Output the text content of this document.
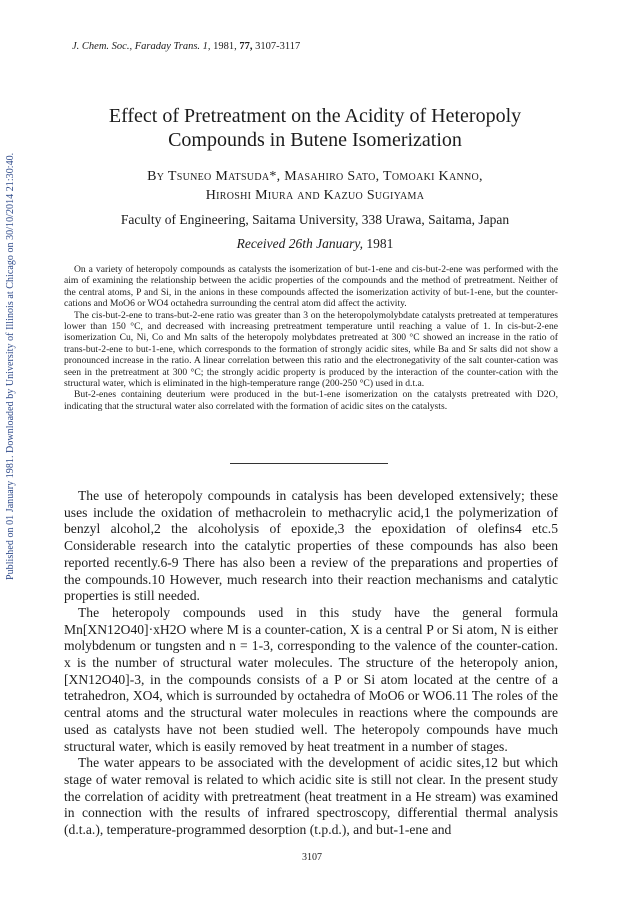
Published on 01 January 1981. Downloaded by University of Illinois at Chicago on 30/10/2014 21:30:40.
J. Chem. Soc., Faraday Trans. 1, 1981, 77, 3107-3117
Effect of Pretreatment on the Acidity of Heteropoly
Compounds in Butene Isomerization
By Tsuneo Matsuda*, Masahiro Sato, Tomoaki Kanno,
Hiroshi Miura and Kazuo Sugiyama
Faculty of Engineering, Saitama University, 338 Urawa, Saitama, Japan
Received 26th January, 1981

On a variety of heteropoly compounds as catalysts the isomerization of but-1-ene and cis-but-2-ene was performed with the aim of examining the relationship between the acidic properties of the compounds and the method of pretreatment. Neither of the central atoms, P and Si, in the anions in these compounds affected the isomerization activity of but-1-ene, but the counter-cations and MoO6 or WO4 octahedra surrounding the central atom did affect the activity.

The cis-but-2-ene to trans-but-2-ene ratio was greater than 3 on the heteropolymolybdate catalysts pretreated at temperatures lower than 150 °C, and decreased with increasing pretreatment temperature until reaching a value of 1. In cis-but-2-ene isomerization Cu, Ni, Co and Mn salts of the heteropoly molybdates pretreated at 300 °C showed an increase in the ratio of trans-but-2-ene to but-1-ene, which corresponds to the formation of strongly acidic sites, while Ba and Sr salts did not show a pronounced increase in the ratio. A linear correlation between this ratio and the electronegativity of the salt counter-cation was seen in the pretreatment at 300 °C; the strongly acidic property is produced by the interaction of the counter-cation with the structural water, which is eliminated in the high-temperature range (200-250 °C) used in d.t.a.

But-2-enes containing deuterium were produced in the but-1-ene isomerization on the catalysts pretreated with D2O, indicating that the structural water also correlated with the formation of acidic sites on the catalysts.

The use of heteropoly compounds in catalysis has been developed extensively; these uses include the oxidation of methacrolein to methacrylic acid,1 the polymerization of benzyl alcohol,2 the alcoholysis of epoxide,3 the epoxidation of olefins4 etc.5 Considerable research into the catalytic properties of these compounds has also been reported recently.6-9 There has also been a review of the preparations and properties of the compounds.10 However, much research into their reaction mechanisms and catalytic properties is still needed.

The heteropoly compounds used in this study have the general formula Mn[XN12O40]·xH2O where M is a counter-cation, X is a central P or Si atom, N is either molybdenum or tungsten and n = 1-3, corresponding to the valence of the counter-cation. x is the number of structural water molecules. The structure of the heteropoly anion, [XN12O40]-3, in the compounds consists of a P or Si atom located at the centre of a tetrahedron, XO4, which is surrounded by octahedra of MoO6 or WO6.11 The roles of the central atoms and the structural water molecules in reactions where the compounds are used as catalysts have not been studied well. The heteropoly compounds have much structural water, which is easily removed by heat treatment in a number of stages.

The water appears to be associated with the development of acidic sites,12 but which stage of water removal is related to which acidic site is still not clear. In the present study the correlation of acidity with pretreatment (heat treatment in a He stream) was examined in connection with the results of infrared spectroscopy, differential thermal analysis (d.t.a.), temperature-programmed desorption (t.p.d.), and but-1-ene and

3107
